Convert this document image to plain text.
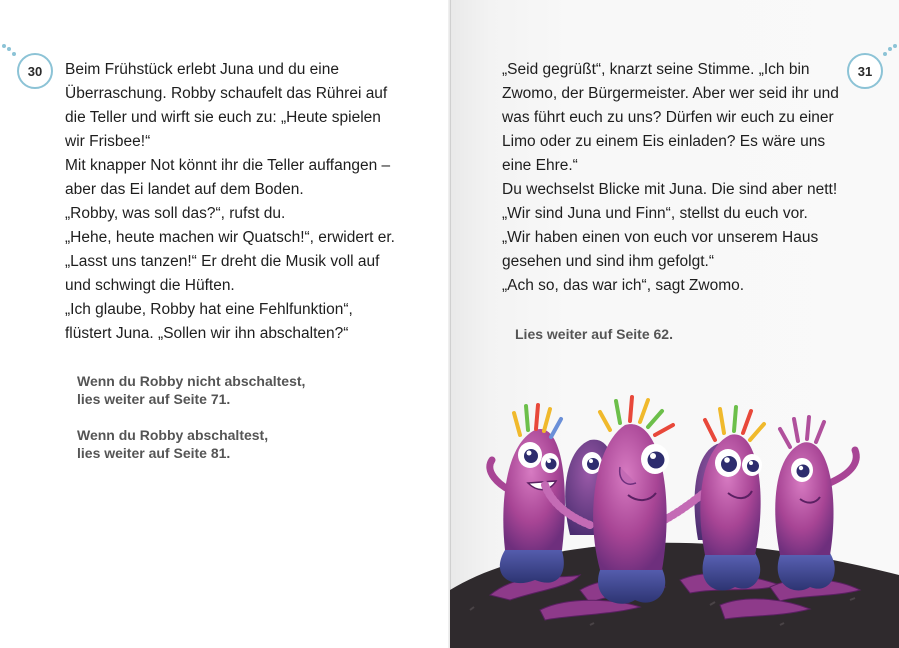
30	Beim Frühstück erlebt Juna und du eine

Überraschung. Robby schaufelt das Rührei auf

die Teller und wirft sie euch zu: „Heute spielen

wir Frisbee!“

Mit knapper Not könnt ihr die Teller auffangen –

aber das Ei landet auf dem Boden.

„Robby, was soll das?“, rufst du.

„Hehe, heute machen wir Quatsch!“, erwidert er.

„Lasst uns tanzen!“ Er dreht die Musik voll auf

und schwingt die Hüften.

„Ich glaube, Robby hat eine Fehlfunktion“,

flüstert Juna. „Sollen wir ihn abschalten?“

Wenn du Robby nicht abschaltest,
lies weiter auf Seite 71.
Wenn du Robby abschaltest,
lies weiter auf Seite 81.

„Seid gegrüßt“, knarzt seine Stimme. „Ich bin

Zwomo, der Bürgermeister. Aber wer seid ihr und

was führt euch zu uns? Dürfen wir euch zu einer

Limo oder zu einem Eis einladen? Es wäre uns

eine Ehre.“

Du wechselst Blicke mit Juna. Die sind aber nett!

„Wir sind Juna und Finn“, stellst du euch vor.

„Wir haben einen von euch vor unserem Haus

gesehen und sind ihm gefolgt.“

„Ach so, das war ich“, sagt Zwomo.

Lies weiter auf Seite 62.
31
